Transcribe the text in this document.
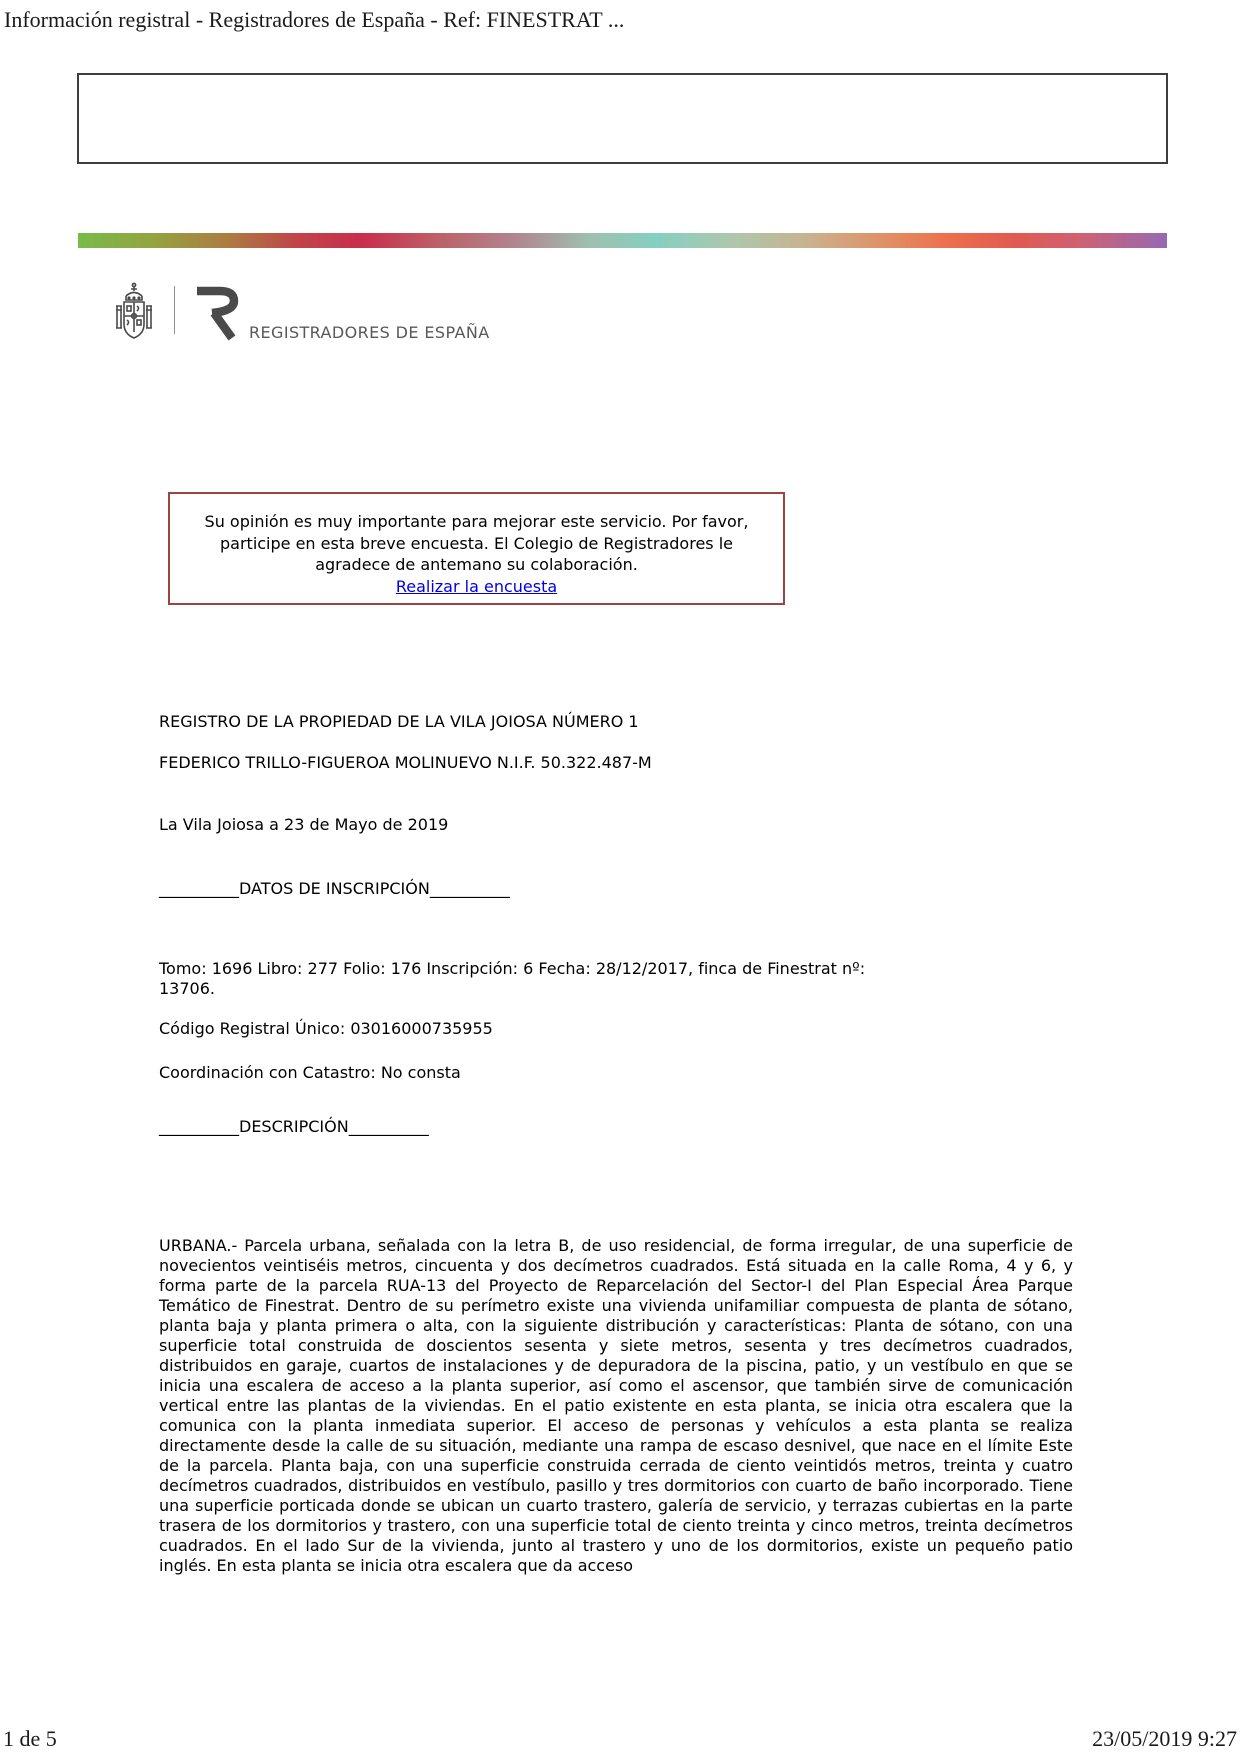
Información registral - Registradores de España - Ref: FINESTRAT ...
REGISTRADORES DE ESPAÑA
Su opinión es muy importante para mejorar este servicio. Por favor, participe en esta breve encuesta. El Colegio de Registradores le agradece de antemano su colaboración.
Realizar la encuesta
REGISTRO DE LA PROPIEDAD DE LA VILA JOIOSA NÚMERO 1
FEDERICO TRILLO-FIGUEROA MOLINUEVO N.I.F. 50.322.487-M
La Vila Joiosa a 23 de Mayo de 2019
__________DATOS DE INSCRIPCIÓN__________
Tomo: 1696 Libro: 277 Folio: 176 Inscripción: 6 Fecha: 28/12/2017, finca de Finestrat nº:
13706.
Código Registral Único: 03016000735955
Coordinación con Catastro: No consta
__________DESCRIPCIÓN__________
URBANA.- Parcela urbana, señalada con la letra B, de uso residencial, de forma irregular, de una superficie de novecientos veintiséis metros, cincuenta y dos decímetros cuadrados. Está situada en la calle Roma, 4 y 6, y forma parte de la parcela RUA-13 del Proyecto de Reparcelación del Sector-I del Plan Especial Área Parque Temático de Finestrat. Dentro de su perímetro existe una vivienda unifamiliar compuesta de planta de sótano, planta baja y planta primera o alta, con la siguiente distribución y características: Planta de sótano, con una superficie total construida de doscientos sesenta y siete metros, sesenta y tres decímetros cuadrados, distribuidos en garaje, cuartos de instalaciones y de depuradora de la piscina, patio, y un vestíbulo en que se inicia una escalera de acceso a la planta superior, así como el ascensor, que también sirve de comunicación vertical entre las plantas de la viviendas. En el patio existente en esta planta, se inicia otra escalera que la comunica con la planta inmediata superior. El acceso de personas y vehículos a esta planta se realiza directamente desde la calle de su situación, mediante una rampa de escaso desnivel, que nace en el límite Este de la parcela. Planta baja, con una superficie construida cerrada de ciento veintidós metros, treinta y cuatro decímetros cuadrados, distribuidos en vestíbulo, pasillo y tres dormitorios con cuarto de baño incorporado. Tiene una superficie porticada donde se ubican un cuarto trastero, galería de servicio, y terrazas cubiertas en la parte trasera de los dormitorios y trastero, con una superficie total de ciento treinta y cinco metros, treinta decímetros cuadrados. En el lado Sur de la vivienda, junto al trastero y uno de los dormitorios, existe un pequeño patio inglés. En esta planta se inicia otra escalera que da acceso
1 de 5	23/05/2019 9:27
